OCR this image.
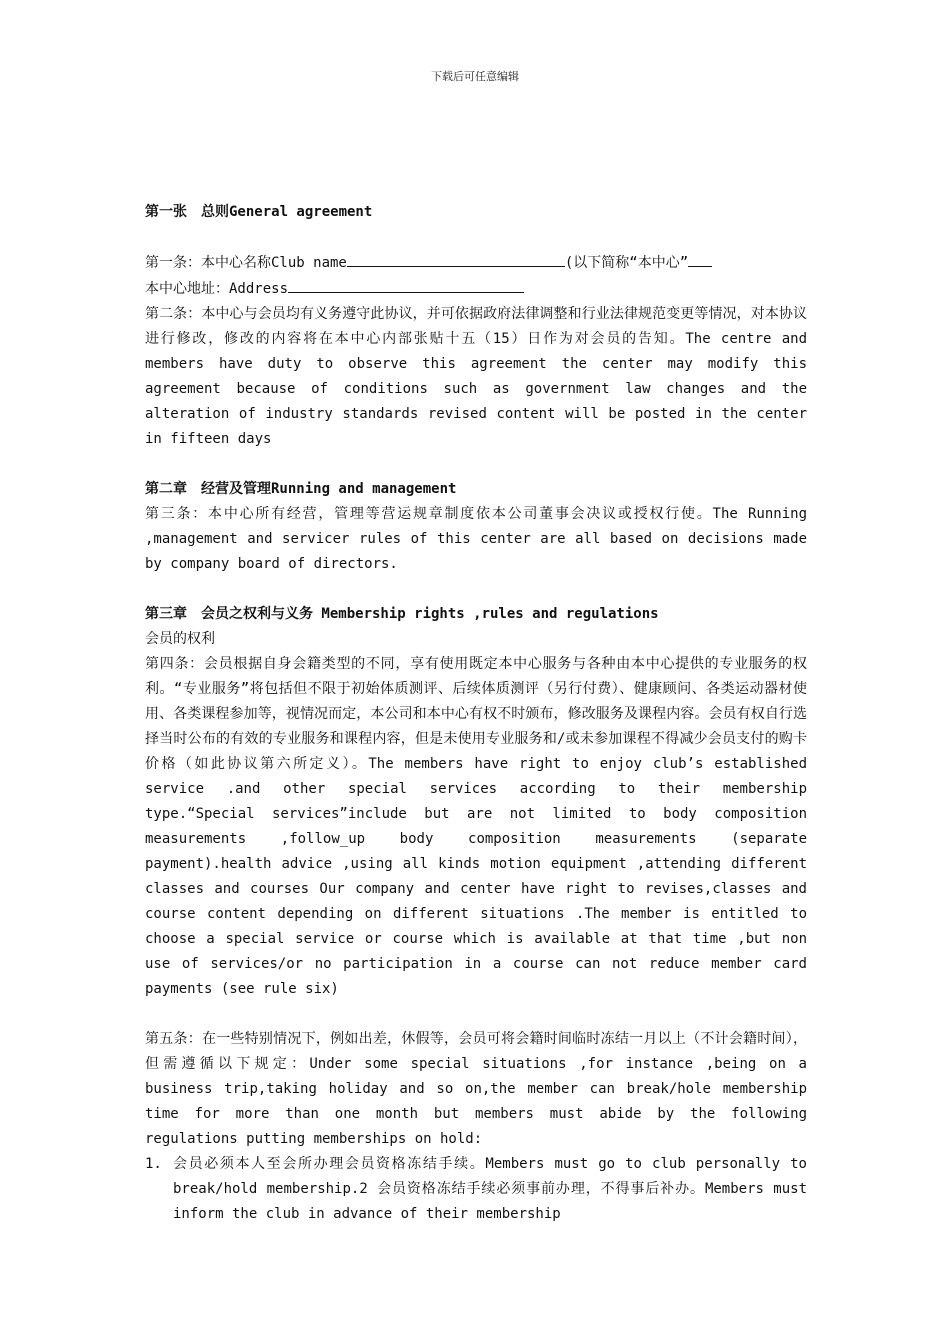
下载后可任意编辑

第一张　总则General agreement

第一条：本中心名称Club name	(以下简称“本中心”

本中心地址：Address

第二条：本中心与会员均有义务遵守此协议，并可依据政府法律调整和行业法律规范变更等情况，对本协议进行修改，修改的内容将在本中心内部张贴十五（15）日作为对会员的告知。The centre and members have duty to observe this agreement the center may modify this agreement because of conditions such as government law changes and the alteration of industry standards revised content will be posted in the center in fifteen days

第二章　经营及管理Running and management

第三条：本中心所有经营，管理等营运规章制度依本公司董事会决议或授权行使。The Running ,management and servicer rules of this center are all based on decisions made by company board of directors.

第三章　会员之权利与义务 Membership rights ,rules and regulations

会员的权利

第四条：会员根据自身会籍类型的不同，享有使用既定本中心服务与各种由本中心提供的专业服务的权利。“专业服务”将包括但不限于初始体质测评、后续体质测评（另行付费）、健康顾问、各类运动器材使用、各类课程参加等，视情况而定，本公司和本中心有权不时颁布，修改服务及课程内容。会员有权自行选择当时公布的有效的专业服务和课程内容，但是未使用专业服务和/或未参加课程不得减少会员支付的购卡价格（如此协议第六所定义）。The members have right to enjoy club’s established service .and other special services according to their membership type.“Special services”include but are not limited to body composition measurements ,follow_up body composition measurements (separate payment).health advice ,using all kinds motion equipment ,attending different classes and courses Our company and center have right to revises,classes and course content depending on different situations .The member is entitled to choose a special service or course which is available at that time ,but non use of services/or no participation in a course can not reduce member card payments (see rule six)

第五条：在一些特别情况下，例如出差，休假等，会员可将会籍时间临时冻结一月以上（不计会籍时间），但需遵循以下规定：Under some special situations ,for instance ,being on a business trip,taking holiday and so on,the member can break/hole membership time for more than one month but members must abide by the following regulations putting memberships on hold:

1. 会员必须本人至会所办理会员资格冻结手续。Members must go to club personally to break/hold membership.2 会员资格冻结手续必须事前办理，不得事后补办。Members must inform the club in advance of their membership
